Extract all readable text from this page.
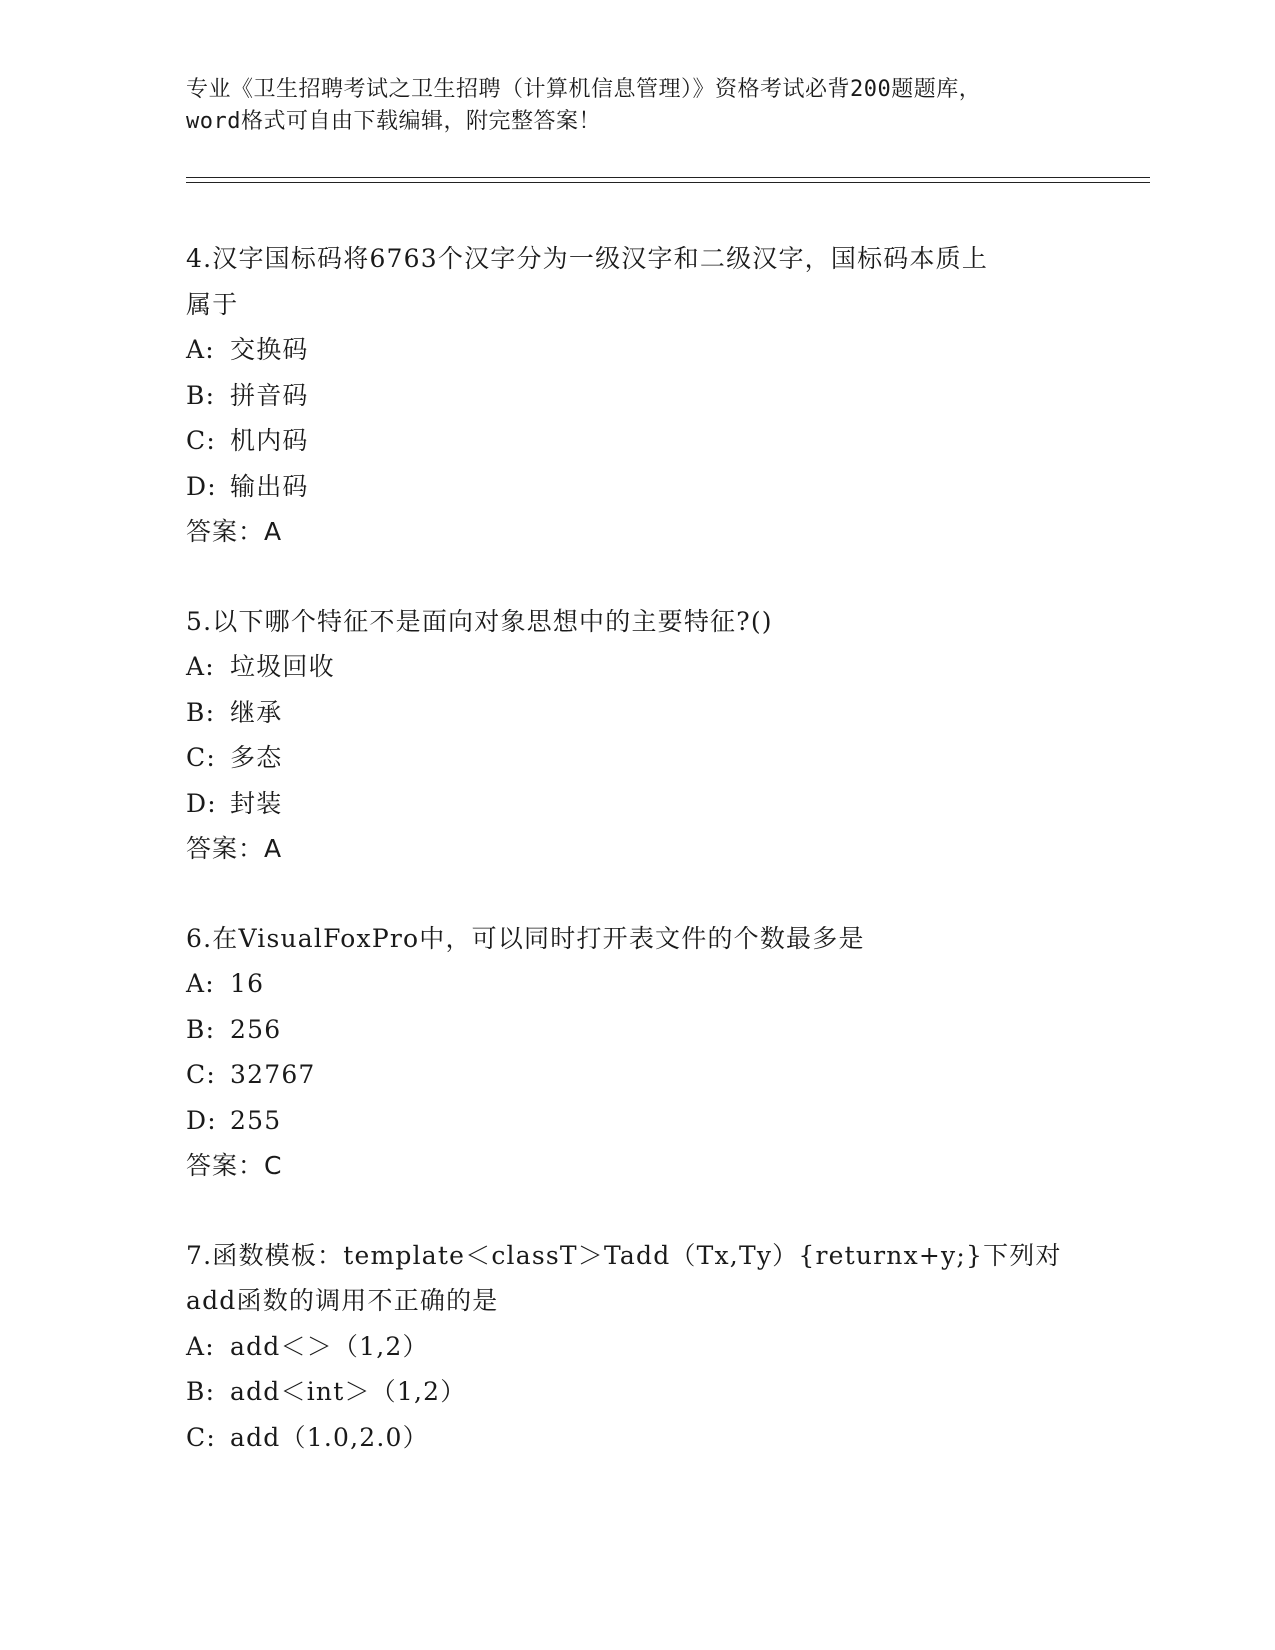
专业《卫生招聘考试之卫生招聘（计算机信息管理）》资格考试必背200题题库，
word格式可自由下载编辑，附完整答案！
4.汉字国标码将6763个汉字分为一级汉字和二级汉字，国标码本质上
属于
A: 交换码
B: 拼音码
C: 机内码
D: 输出码
答案：A
5.以下哪个特征不是面向对象思想中的主要特征?()
A: 垃圾回收
B: 继承
C: 多态
D: 封装
答案：A
6.在VisualFoxPro中，可以同时打开表文件的个数最多是
A: 16
B: 256
C: 32767
D: 255
答案：C
7.函数模板：template＜classT＞Tadd（Tx,Ty）{returnx+y;}下列对
add函数的调用不正确的是
A: add＜＞（1,2）
B: add＜int＞（1,2）
C: add（1.0,2.0）
